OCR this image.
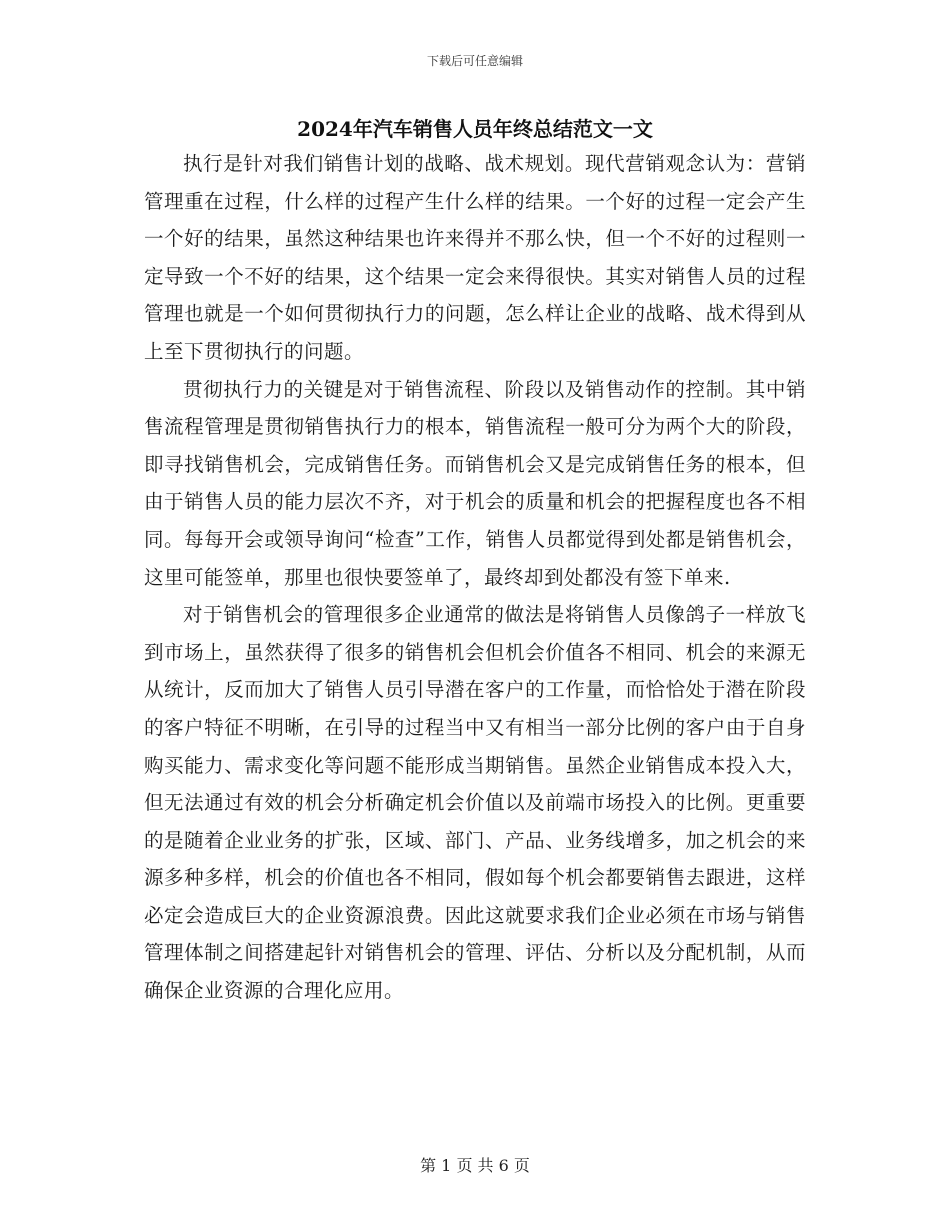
下载后可任意编辑
2024年汽车销售人员年终总结范文一文

执行是针对我们销售计划的战略、战术规划。现代营销观念认为：营销管理重在过程，什么样的过程产生什么样的结果。一个好的过程一定会产生一个好的结果，虽然这种结果也许来得并不那么快，但一个不好的过程则一定导致一个不好的结果，这个结果一定会来得很快。其实对销售人员的过程管理也就是一个如何贯彻执行力的问题，怎么样让企业的战略、战术得到从上至下贯彻执行的问题。

贯彻执行力的关键是对于销售流程、阶段以及销售动作的控制。其中销售流程管理是贯彻销售执行力的根本，销售流程一般可分为两个大的阶段，即寻找销售机会，完成销售任务。而销售机会又是完成销售任务的根本，但由于销售人员的能力层次不齐，对于机会的质量和机会的把握程度也各不相同。每每开会或领导询问“检查”工作，销售人员都觉得到处都是销售机会，这里可能签单，那里也很快要签单了，最终却到处都没有签下单来.

对于销售机会的管理很多企业通常的做法是将销售人员像鸽子一样放飞到市场上，虽然获得了很多的销售机会但机会价值各不相同、机会的来源无从统计，反而加大了销售人员引导潜在客户的工作量，而恰恰处于潜在阶段的客户特征不明晰，在引导的过程当中又有相当一部分比例的客户由于自身购买能力、需求变化等问题不能形成当期销售。虽然企业销售成本投入大，但无法通过有效的机会分析确定机会价值以及前端市场投入的比例。更重要的是随着企业业务的扩张，区域、部门、产品、业务线增多，加之机会的来源多种多样，机会的价值也各不相同，假如每个机会都要销售去跟进，这样必定会造成巨大的企业资源浪费。因此这就要求我们企业必须在市场与销售管理体制之间搭建起针对销售机会的管理、评估、分析以及分配机制，从而确保企业资源的合理化应用。

第 1 页 共 6 页
